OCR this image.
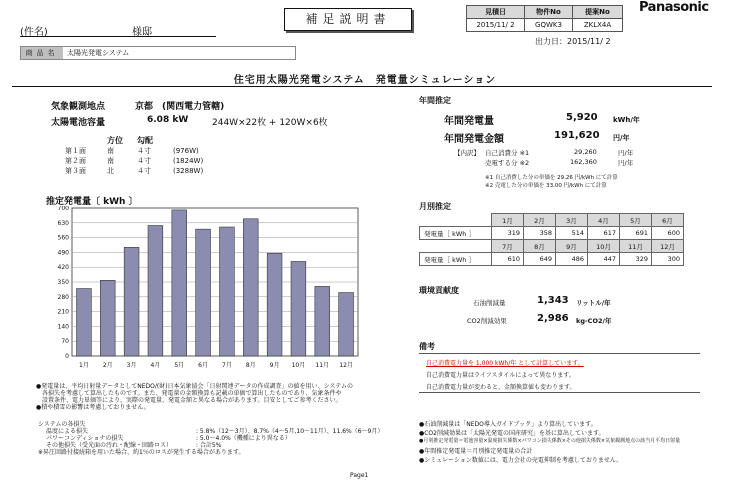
見積日	物件No	提案No
2015/11/ 2	GQWK3	ZKLX4A
Panasonic
出力日：2015/11/ 2
補足説明書
(件名)	様邸
商品名	太陽光発電システム
住宅用太陽光発電システム　発電量シミュレーション
気象観測地点	京都　(関西電力管轄)
太陽電池容量	6.08 kW	244W×22枚 + 120W×6枚
	方位	勾配	
第１面	南	４寸	(976W)
第２面	南	４寸	(1824W)
第３面	北	４寸	(3288W)
推定発電量〔 kWh 〕
0
70
140
210
280
350
420
490
560
630
700
1月 2月 3月 4月 5月 6月 7月 8月 9月 10月 11月 12月
●発電量は、平均日射量データとしてNEDO/(財)日本気象協会「日射関連データの作成調査」の値を用い、システムの
　各損失を考慮して算出したものです。また、発電量の金額換算も記載の単価で算出したものであり、気象条件や
　設置条件、電力単価等により、実際の発電量、発電金額と異なる場合があります。目安としてご参考ください。
●積や積雪の影響は考慮しておりません。
システムの各損失
温度による損失	: 5.8%（12～3月）、8.7%（4～5月,10～11月）、11.6%（6～9月）
パワーコンディショナの損失	: 5.0～4.0%（機種により異なる）
その他損失（受光面の汚れ・配線・回路ロス）	: 合計5%
※昇圧回路付接続箱を用いた場合、約1％のロスが発生する場合があります。
年間推定
年間発電量	5,920 kWh/年
年間発電金額	191,620 円/年
【内訳】 自己消費分 ※1	29,260	円/年
売電する分 ※2	162,360	円/年
※1 自己消費した分の単価を 29.26 円/kWh にて計算
※2 売電した分の単価を 33.00 円/kWh にて計算
月別推定
	1月	2月	3月	4月	5月	6月
発電量［ kWh ］	319	358	514	617	691	600
	7月	8月	9月	10月	11月	12月
発電量［ kWh ］	610	649	486	447	329	300
環境貢献度
石油削減量	1,343 リットル/年
CO2削減効果	2,986 kg-CO2/年
備考
自己消費電力量を 1,000 kWh/年 として計算しています。
自己消費電力量はライフスタイルによって異なります。
自己消費電力量が変わると、金額換算値も変わります。
●石油削減量は「NEDO導入ガイドブック」より算出しています。
●CO2削減効果は「太陽光発電の国産研究」を基に算出しています。
●月別推定発電量＝電池容量×温度損失係数×パワコン損失係数×その他損失係数×気象観測地点の該当月平均日射量
●年間推定発電量＝月別推定発電量の合計
●シミュレーション数値には、電力会社の売電抑制を考慮しておりません。
Page1
